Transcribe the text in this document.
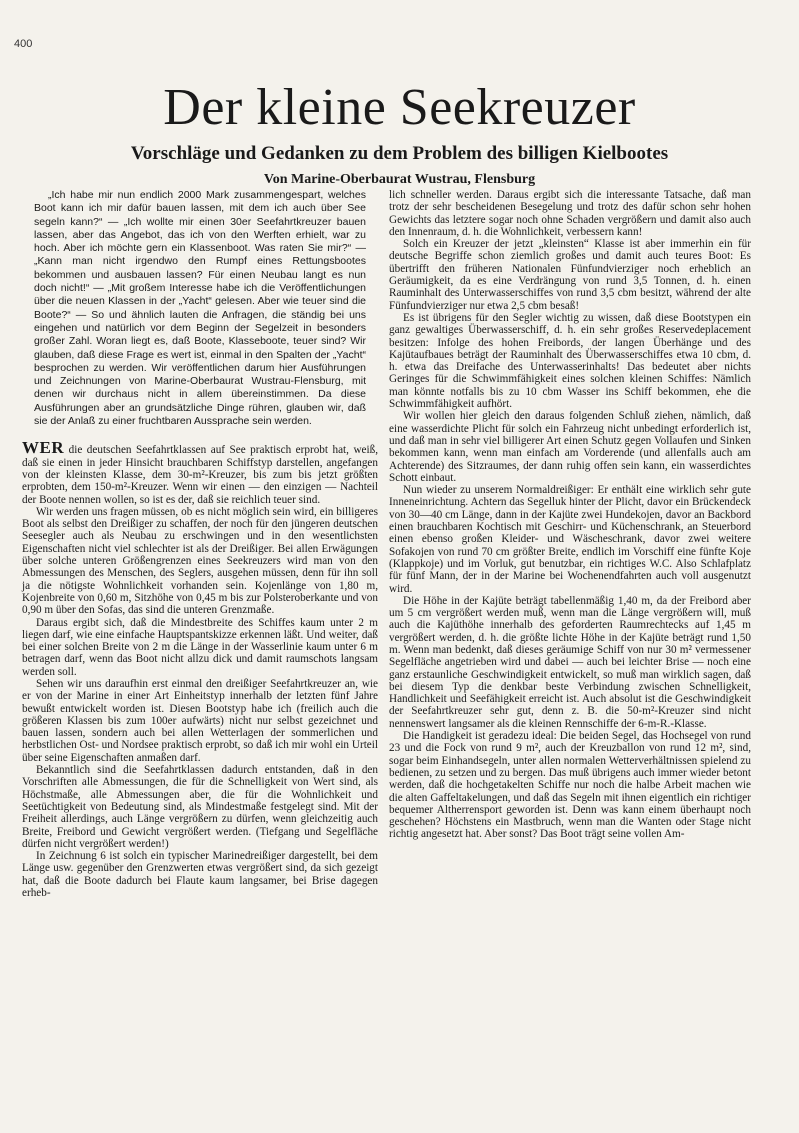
400
Der kleine Seekreuzer
Vorschläge und Gedanken zu dem Problem des billigen Kielbootes
Von Marine-Oberbaurat Wustrau, Flensburg

„Ich habe mir nun endlich 2000 Mark zusammengespart, welches Boot kann ich mir dafür bauen lassen, mit dem ich auch über See segeln kann?“ — „Ich wollte mir einen 30er Seefahrtkreuzer bauen lassen, aber das Angebot, das ich von den Werften erhielt, war zu hoch. Aber ich möchte gern ein Klassenboot. Was raten Sie mir?“ — „Kann man nicht irgendwo den Rumpf eines Rettungsbootes bekommen und ausbauen lassen? Für einen Neubau langt es nun doch nicht!“ — „Mit großem Interesse habe ich die Veröffentlichungen über die neuen Klassen in der „Yacht“ gelesen. Aber wie teuer sind die Boote?“ — So und ähnlich lauten die Anfragen, die ständig bei uns eingehen und natürlich vor dem Beginn der Segelzeit in besonders großer Zahl. Woran liegt es, daß Boote, Klasseboote, teuer sind? Wir glauben, daß diese Frage es wert ist, einmal in den Spalten der „Yacht“ besprochen zu werden. Wir veröffentlichen darum hier Ausführungen und Zeichnungen von Marine-Oberbaurat Wustrau-Flensburg, mit denen wir durchaus nicht in allem übereinstimmen. Da diese Ausführungen aber an grundsätzliche Dinge rühren, glauben wir, daß sie der Anlaß zu einer fruchtbaren Aussprache sein werden.

WER die deutschen Seefahrtklassen auf See praktisch erprobt hat, weiß, daß sie einen in jeder Hinsicht brauchbaren Schiffstyp darstellen, angefangen von der kleinsten Klasse, dem 30-m²-Kreuzer, bis zum bis jetzt größten erprobten, dem 150-m²-Kreuzer. Wenn wir einen — den einzigen — Nachteil der Boote nennen wollen, so ist es der, daß sie reichlich teuer sind.

Wir werden uns fragen müssen, ob es nicht möglich sein wird, ein billigeres Boot als selbst den Dreißiger zu schaffen, der noch für den jüngeren deutschen Seesegler auch als Neubau zu erschwingen und in den wesentlichsten Eigenschaften nicht viel schlechter ist als der Dreißiger. Bei allen Erwägungen über solche unteren Größengrenzen eines Seekreuzers wird man von den Abmessungen des Menschen, des Seglers, ausgehen müssen, denn für ihn soll ja die nötigste Wohnlichkeit vorhanden sein. Kojenlänge von 1,80 m, Kojenbreite von 0,60 m, Sitzhöhe von 0,45 m bis zur Polsteroberkante und von 0,90 m über den Sofas, das sind die unteren Grenzmaße.

Daraus ergibt sich, daß die Mindestbreite des Schiffes kaum unter 2 m liegen darf, wie eine einfache Hauptspantskizze erkennen läßt. Und weiter, daß bei einer solchen Breite von 2 m die Länge in der Wasserlinie kaum unter 6 m betragen darf, wenn das Boot nicht allzu dick und damit raumschots langsam werden soll.

Sehen wir uns daraufhin erst einmal den dreißiger Seefahrtkreuzer an, wie er von der Marine in einer Art Einheitstyp innerhalb der letzten fünf Jahre bewußt entwickelt worden ist. Diesen Bootstyp habe ich (freilich auch die größeren Klassen bis zum 100er aufwärts) nicht nur selbst gezeichnet und bauen lassen, sondern auch bei allen Wetterlagen der sommerlichen und herbstlichen Ost- und Nordsee praktisch erprobt, so daß ich mir wohl ein Urteil über seine Eigenschaften anmaßen darf.

Bekanntlich sind die Seefahrtklassen dadurch entstanden, daß in den Vorschriften alle Abmessungen, die für die Schnelligkeit von Wert sind, als Höchstmaße, alle Abmessungen aber, die für die Wohnlichkeit und Seetüchtigkeit von Bedeutung sind, als Mindestmaße festgelegt sind. Mit der Freiheit allerdings, auch Länge vergrößern zu dürfen, wenn gleichzeitig auch Breite, Freibord und Gewicht vergrößert werden. (Tiefgang und Segelfläche dürfen nicht vergrößert werden!)

In Zeichnung 6 ist solch ein typischer Marinedreißiger dargestellt, bei dem Länge usw. gegenüber den Grenzwerten etwas vergrößert sind, da sich gezeigt hat, daß die Boote dadurch bei Flaute kaum langsamer, bei Brise dagegen erheb-

lich schneller werden. Daraus ergibt sich die interessante Tatsache, daß man trotz der sehr bescheidenen Besegelung und trotz des dafür schon sehr hohen Gewichts das letztere sogar noch ohne Schaden vergrößern und damit also auch den Innenraum, d. h. die Wohnlichkeit, verbessern kann!

Solch ein Kreuzer der jetzt „kleinsten“ Klasse ist aber immerhin ein für deutsche Begriffe schon ziemlich großes und damit auch teures Boot: Es übertrifft den früheren Nationalen Fünfundvierziger noch erheblich an Geräumigkeit, da es eine Verdrängung von rund 3,5 Tonnen, d. h. einen Rauminhalt des Unterwasserschiffes von rund 3,5 cbm besitzt, während der alte Fünfundvierziger nur etwa 2,5 cbm besaß!

Es ist übrigens für den Segler wichtig zu wissen, daß diese Bootstypen ein ganz gewaltiges Überwasserschiff, d. h. ein sehr großes Reservedeplacement besitzen: Infolge des hohen Freibords, der langen Überhänge und des Kajütaufbaues beträgt der Rauminhalt des Überwasserschiffes etwa 10 cbm, d. h. etwa das Dreifache des Unterwasserinhalts! Das bedeutet aber nichts Geringes für die Schwimmfähigkeit eines solchen kleinen Schiffes: Nämlich man könnte notfalls bis zu 10 cbm Wasser ins Schiff bekommen, ehe die Schwimmfähigkeit aufhört.

Wir wollen hier gleich den daraus folgenden Schluß ziehen, nämlich, daß eine wasserdichte Plicht für solch ein Fahrzeug nicht unbedingt erforderlich ist, und daß man in sehr viel billigerer Art einen Schutz gegen Vollaufen und Sinken bekommen kann, wenn man einfach am Vorderende (und allenfalls auch am Achterende) des Sitzraumes, der dann ruhig offen sein kann, ein wasserdichtes Schott einbaut.

Nun wieder zu unserem Normaldreißiger: Er enthält eine wirklich sehr gute Inneneinrichtung. Achtern das Segelluk hinter der Plicht, davor ein Brückendeck von 30—40 cm Länge, dann in der Kajüte zwei Hundekojen, davor an Backbord einen brauchbaren Kochtisch mit Geschirr- und Küchenschrank, an Steuerbord einen ebenso großen Kleider- und Wäscheschrank, davor zwei weitere Sofakojen von rund 70 cm größter Breite, endlich im Vorschiff eine fünfte Koje (Klappkoje) und im Vorluk, gut benutzbar, ein richtiges W.C. Also Schlafplatz für fünf Mann, der in der Marine bei Wochenendfahrten auch voll ausgenutzt wird.

Die Höhe in der Kajüte beträgt tabellenmäßig 1,40 m, da der Freibord aber um 5 cm vergrößert werden muß, wenn man die Länge vergrößern will, muß auch die Kajüthöhe innerhalb des geforderten Raumrechtecks auf 1,45 m vergrößert werden, d. h. die größte lichte Höhe in der Kajüte beträgt rund 1,50 m. Wenn man bedenkt, daß dieses geräumige Schiff von nur 30 m² vermessener Segelfläche angetrieben wird und dabei — auch bei leichter Brise — noch eine ganz erstaunliche Geschwindigkeit entwickelt, so muß man wirklich sagen, daß bei diesem Typ die denkbar beste Verbindung zwischen Schnelligkeit, Handlichkeit und Seefähigkeit erreicht ist. Auch absolut ist die Geschwindigkeit der Seefahrtkreuzer sehr gut, denn z. B. die 50-m²-Kreuzer sind nicht nennenswert langsamer als die kleinen Rennschiffe der 6-m-R.-Klasse.

Die Handigkeit ist geradezu ideal: Die beiden Segel, das Hochsegel von rund 23 und die Fock von rund 9 m², auch der Kreuzballon von rund 12 m², sind, sogar beim Einhandsegeln, unter allen normalen Wetterverhältnissen spielend zu bedienen, zu setzen und zu bergen. Das muß übrigens auch immer wieder betont werden, daß die hochgetakelten Schiffe nur noch die halbe Arbeit machen wie die alten Gaffeltakelungen, und daß das Segeln mit ihnen eigentlich ein richtiger bequemer Altherrensport geworden ist. Denn was kann einem überhaupt noch geschehen? Höchstens ein Mastbruch, wenn man die Wanten oder Stage nicht richtig angesetzt hat. Aber sonst? Das Boot trägt seine vollen Am-
